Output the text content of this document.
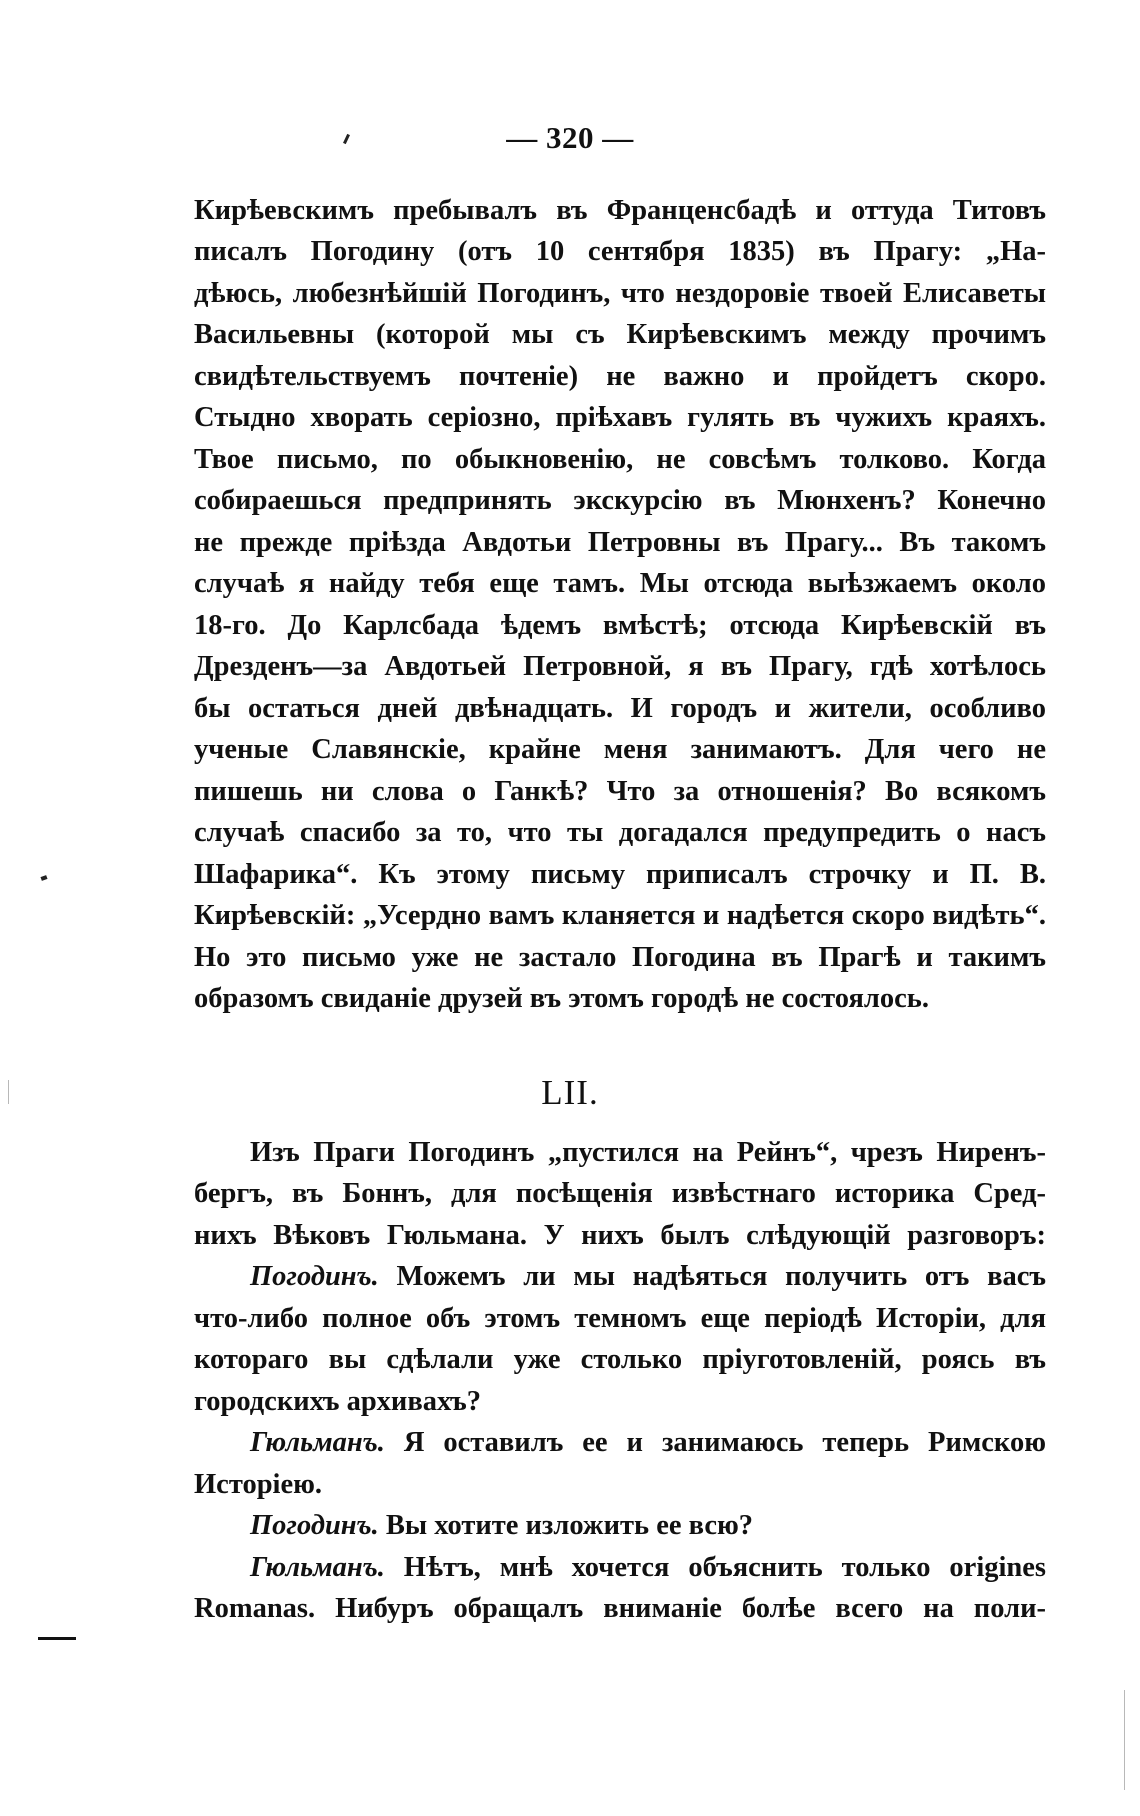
— 320 —
Кирѣевскимъ пребывалъ въ Франценсбадѣ и оттуда Титовъ
писалъ Погодину (отъ 10 сентября 1835) въ Прагу: „На-
дѣюсь, любезнѣйшій Погодинъ, что нездоровіе твоей Елисаветы
Васильевны (которой мы съ Кирѣевскимъ между прочимъ
свидѣтельствуемъ почтеніе) не важно и пройдетъ скоро.
Стыдно хворать серіозно, пріѣхавъ гулять въ чужихъ краяхъ.
Твое письмо, по обыкновенію, не совсѣмъ толково. Когда
собираешься предпринять экскурсію въ Мюнхенъ? Конечно
не прежде пріѣзда Авдотьи Петровны въ Прагу... Въ такомъ
случаѣ я найду тебя еще тамъ. Мы отсюда выѣзжаемъ около
18-го. До Карлсбада ѣдемъ вмѣстѣ; отсюда Кирѣевскій въ
Дрезденъ—за Авдотьей Петровной, я въ Прагу, гдѣ хотѣлось
бы остаться дней двѣнадцать. И городъ и жители, особливо
ученые Славянскіе, крайне меня занимаютъ. Для чего не
пишешь ни слова о Ганкѣ? Что за отношенія? Во всякомъ
случаѣ спасибо за то, что ты догадался предупредить о насъ
Шафарика“. Къ этому письму приписалъ строчку и П. В.
Кирѣевскій: „Усердно вамъ кланяется и надѣется скоро видѣть“.
Но это письмо уже не застало Погодина въ Прагѣ и такимъ
образомъ свиданіе друзей въ этомъ городѣ не состоялось.
LII.
Изъ Праги Погодинъ „пустился на Рейнъ“, чрезъ Ниренъ-
бергъ, въ Боннъ, для посѣщенія извѣстнаго историка Сред-
нихъ Вѣковъ Гюльмана. У нихъ былъ слѣдующій разговоръ:
Погодинъ. Можемъ ли мы надѣяться получить отъ васъ
что-либо полное объ этомъ темномъ еще періодѣ Исторіи, для
котораго вы сдѣлали уже столько пріуготовленій, роясь въ
городскихъ архивахъ?
Гюльманъ. Я оставилъ ее и занимаюсь теперь Римскою
Исторіею.
Погодинъ. Вы хотите изложить ее всю?
Гюльманъ. Нѣтъ, мнѣ хочется объяснить только origines
Romanas. Нибуръ обращалъ вниманіе болѣе всего на поли-
